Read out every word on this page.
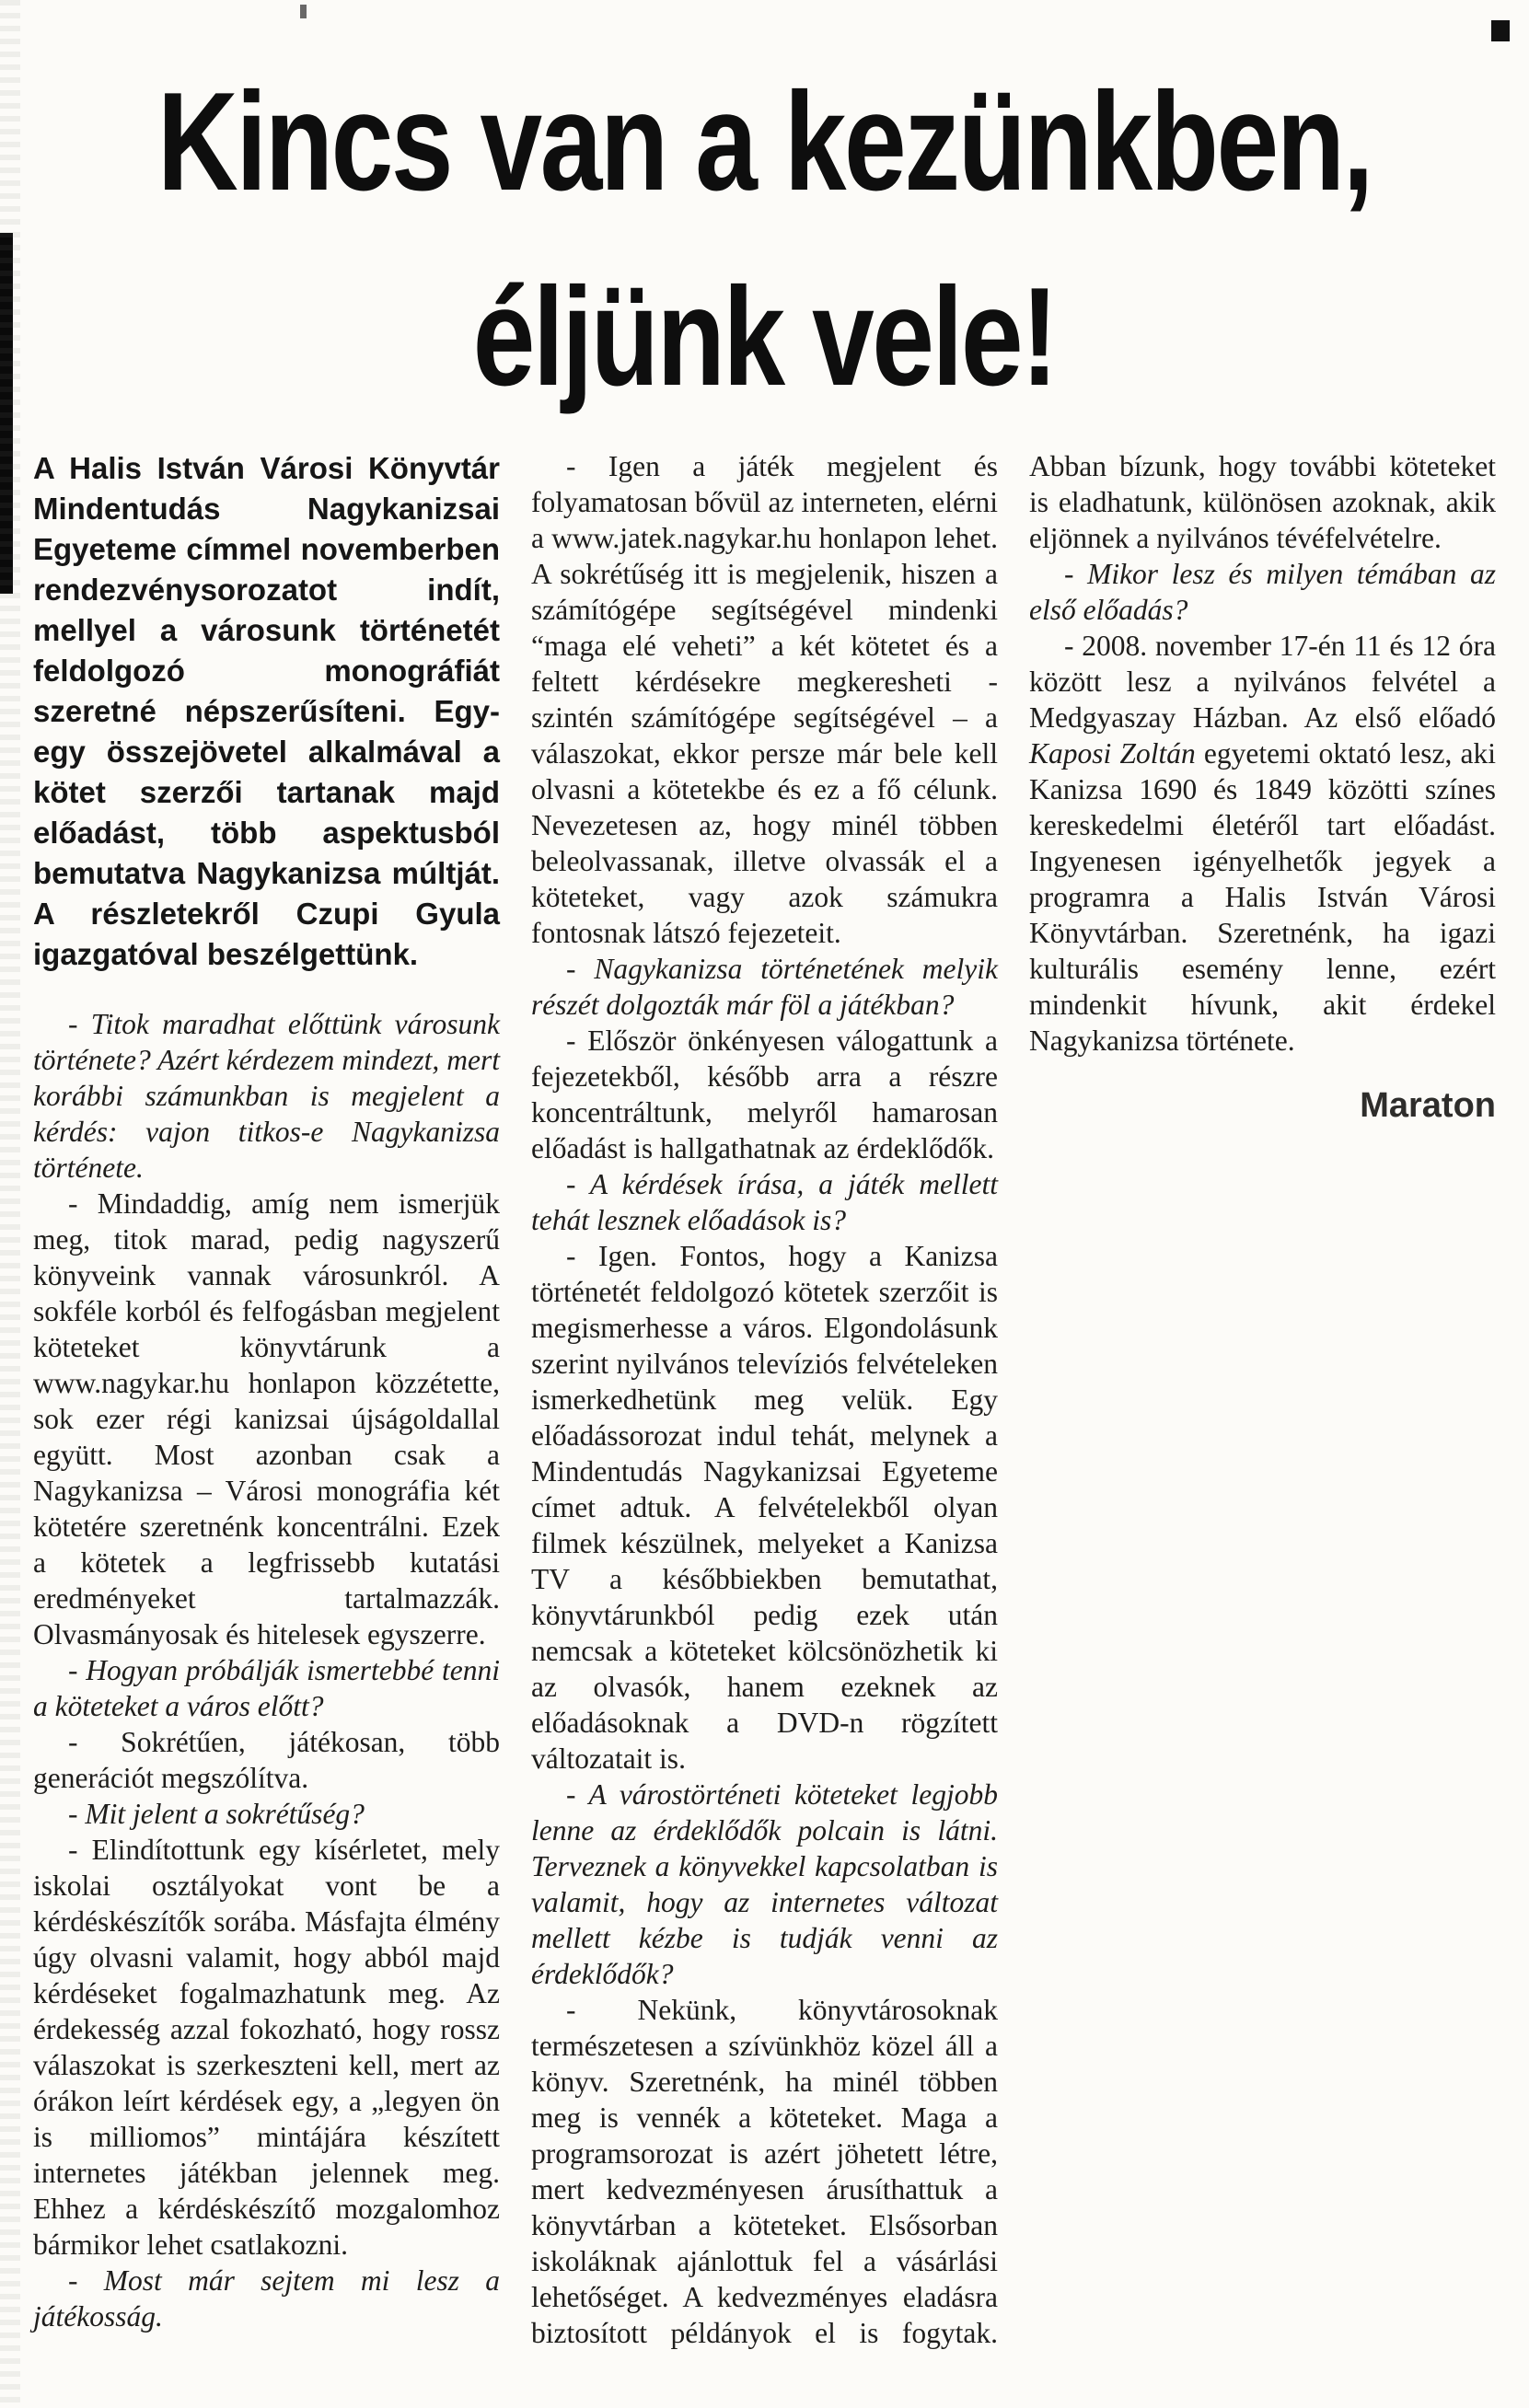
Kincs van a kezünkben,
éljünk vele!

A Halis István Városi Könyvtár Mindentudás Nagykanizsai Egyeteme címmel novemberben rendezvénysorozatot indít, mellyel a városunk történetét feldolgozó monográfiát szeretné népszerűsíteni. Egy-egy összejövetel alkalmával a kötet szerzői tartanak majd előadást, több aspektusból bemutatva Nagykanizsa múltját. A részletekről Czupi Gyula igazgatóval beszélgettünk.

- Titok maradhat előttünk városunk története? Azért kérdezem mindezt, mert korábbi számunkban is megjelent a kérdés: vajon titkos-e Nagykanizsa története.

- Mindaddig, amíg nem ismerjük meg, titok marad, pedig nagyszerű könyveink vannak városunkról. A sokféle korból és felfogásban megjelent köteteket könyvtárunk a www.nagykar.hu honlapon közzétette, sok ezer régi kanizsai újságoldallal együtt. Most azonban csak a Nagykanizsa – Városi monográfia két kötetére szeretnénk koncentrálni. Ezek a kötetek a legfrissebb kutatási eredményeket tartalmazzák. Olvasmányosak és hitelesek egyszerre.

- Hogyan próbálják ismertebbé tenni a köteteket a város előtt?

- Sokrétűen, játékosan, több generációt megszólítva.

- Mit jelent a sokrétűség?

- Elindítottunk egy kísérletet, mely iskolai osztályokat vont be a kérdéskészítők sorába. Másfajta élmény úgy olvasni valamit, hogy abból majd kérdéseket fogalmazhatunk meg. Az érdekesség azzal fokozható, hogy rossz válaszokat is szerkeszteni kell, mert az órákon leírt kérdések egy, a „legyen ön is milliomos” mintájára készített internetes játékban jelennek meg. Ehhez a kérdéskészítő mozgalomhoz bármikor lehet csatlakozni.

- Most már sejtem mi lesz a játékosság.

- Igen a játék megjelent és folyamatosan bővül az interneten, elérni a www.jatek.nagykar.hu honlapon lehet. A sokrétűség itt is megjelenik, hiszen a számítógépe segítségével mindenki “maga elé veheti” a két kötetet és a feltett kérdésekre megkeresheti - szintén számítógépe segítségével – a válaszokat, ekkor persze már bele kell olvasni a kötetekbe és ez a fő célunk. Nevezetesen az, hogy minél többen beleolvassanak, illetve olvassák el a köteteket, vagy azok számukra fontosnak látszó fejezeteit.

- Nagykanizsa történetének melyik részét dolgozták már föl a játékban?

- Először önkényesen válogattunk a fejezetekből, később arra a részre koncentráltunk, melyről hamarosan előadást is hallgathatnak az érdeklődők.

- A kérdések írása, a játék mellett tehát lesznek előadások is?

- Igen. Fontos, hogy a Kanizsa történetét feldolgozó kötetek szerzőit is megismerhesse a város. Elgondolásunk szerint nyilvános televíziós felvételeken ismerkedhetünk meg velük. Egy előadássorozat indul tehát, melynek a Mindentudás Nagykanizsai Egyeteme címet adtuk. A felvételekből olyan filmek készülnek, melyeket a Kanizsa TV a későbbiekben bemutathat, könyvtárunkból pedig ezek után nemcsak a köteteket kölcsönözhetik ki az olvasók, hanem ezeknek az előadásoknak a DVD-n rögzített változatait is.

- A várostörténeti köteteket legjobb lenne az érdeklődők polcain is látni. Terveznek a könyvekkel kapcsolatban is valamit, hogy az internetes változat mellett kézbe is tudják venni az érdeklődők?

- Nekünk, könyvtárosoknak természetesen a szívünkhöz közel áll a könyv. Szeretnénk, ha minél többen meg is vennék a köteteket. Maga a programsorozat is azért jöhetett létre, mert kedvezményesen árusíthattuk a könyvtárban a köteteket. Elsősorban iskoláknak ajánlottuk fel a vásárlási lehetőséget. A kedvezményes eladásra biztosított példányok el is fogytak. Abban bízunk, hogy további köteteket is eladhatunk, különösen azoknak, akik eljönnek a nyilvános tévéfelvételre.

- Mikor lesz és milyen témában az első előadás?

- 2008. november 17-én 11 és 12 óra között lesz a nyilvános felvétel a Medgyaszay Házban. Az első előadó Kaposi Zoltán egyetemi oktató lesz, aki Kanizsa 1690 és 1849 közötti színes kereskedelmi életéről tart előadást. Ingyenesen igényelhetők jegyek a programra a Halis István Városi Könyvtárban. Szeretnénk, ha igazi kulturális esemény lenne, ezért mindenkit hívunk, akit érdekel Nagykanizsa története.

Maraton
